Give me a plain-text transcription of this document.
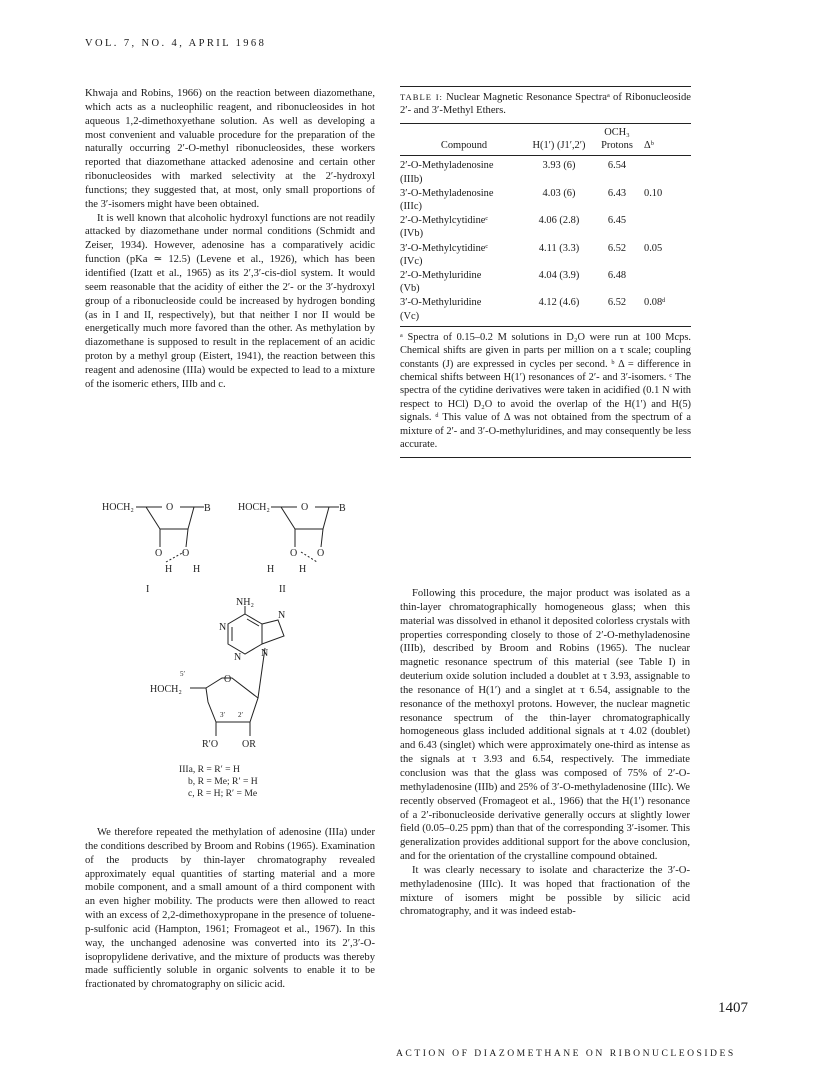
VOL. 7, NO. 4, APRIL 1968

Khwaja and Robins, 1966) on the reaction between diazomethane, which acts as a nucleophilic reagent, and ribonucleosides in hot aqueous 1,2-dimethoxyethane solution. As well as developing a most convenient and valuable procedure for the preparation of the naturally occurring 2′-O-methyl ribonucleosides, these workers reported that diazomethane attacked adenosine and certain other ribonucleosides with marked selectivity at the 2′-hydroxyl functions; they suggested that, at most, only small proportions of the 3′-isomers might have been obtained.

It is well known that alcoholic hydroxyl functions are not readily attacked by diazomethane under normal conditions (Schmidt and Zeiser, 1934). However, adenosine has a comparatively acidic function (pKa ≃ 12.5) (Levene et al., 1926), which has been identified (Izatt et al., 1965) as its 2′,3′-cis-diol system. It would seem reasonable that the acidity of either the 2′- or the 3′-hydroxyl group of a ribonucleoside could be increased by hydrogen bonding (as in I and II, respectively), but that neither I nor II would be energetically much more favored than the other. As methylation by diazomethane is supposed to result in the replacement of an acidic proton by a methyl group (Eistert, 1941), the reaction between this reagent and adenosine (IIIa) would be expected to lead to a mixture of the isomeric ethers, IIIb and c.

HOCH₂	O	B
O O
H H
I
HOCH₂	O	B
O O
H H
II
NH₂
N
N
N
N
5′
HOCH₂
O
3′ 2′
R′O OR
IIIa, R = R′ = H
b, R = Me; R′ = H
c, R = H; R′ = Me

We therefore repeated the methylation of adenosine (IIIa) under the conditions described by Broom and Robins (1965). Examination of the products by thin-layer chromatography revealed approximately equal quantities of starting material and a more mobile component, and a small amount of a third component with an even higher mobility. The products were then allowed to react with an excess of 2,2-dimethoxypropane in the presence of toluene-p-sulfonic acid (Hampton, 1961; Fromageot et al., 1967). In this way, the unchanged adenosine was converted into its 2′,3′-O-isopropylidene derivative, and the mixture of products was thereby made sufficiently soluble in organic solvents to enable it to be fractionated by chromatography on silicic acid.

TABLE I: Nuclear Magnetic Resonance Spectraᵃ of Ribonucleoside 2′- and 3′-Methyl Ethers.
Compound	H(1′) (J1′,2′)	OCH₃ Protons	Δᵇ

2′-O-Methyladenosine
(IIIb)	3.93 (6)	6.54	
3′-O-Methyladenosine
(IIIc)	4.03 (6)	6.43	0.10
2′-O-Methylcytidineᶜ
(IVb)	4.06 (2.8)	6.45	
3′-O-Methylcytidineᶜ
(IVc)	4.11 (3.3)	6.52	0.05
2′-O-Methyluridine
(Vb)	4.04 (3.9)	6.48	
3′-O-Methyluridine
(Vc)	4.12 (4.6)	6.52	0.08ᵈ
ᵃ Spectra of 0.15–0.2 M solutions in D₂O were run at 100 Mcps. Chemical shifts are given in parts per million on a τ scale; coupling constants (J) are expressed in cycles per second. ᵇ Δ = difference in chemical shifts between H(1′) resonances of 2′- and 3′-isomers. ᶜ The spectra of the cytidine derivatives were taken in acidified (0.1 N with respect to HCl) D₂O to avoid the overlap of the H(1′) and H(5) signals. ᵈ This value of Δ was not obtained from the spectrum of a mixture of 2′- and 3′-O-methyluridines, and may consequently be less accurate.

Following this procedure, the major product was isolated as a thin-layer chromatographically homogeneous glass; when this material was dissolved in ethanol it deposited colorless crystals with properties corresponding closely to those of 2′-O-methyladenosine (IIIb), described by Broom and Robins (1965). The nuclear magnetic resonance spectrum of this material (see Table I) in deuterium oxide solution included a doublet at τ 3.93, assignable to the resonance of H(1′) and a singlet at τ 6.54, assignable to the resonance of the methoxyl protons. However, the nuclear magnetic resonance spectrum of the thin-layer chromatographically homogeneous glass included additional signals at τ 4.02 (doublet) and 6.43 (singlet) which were approximately one-third as intense as the signals at τ 3.93 and 6.54, respectively. The immediate conclusion was that the glass was composed of 75% of 2′-O-methyladenosine (IIIb) and 25% of 3′-O-methyladenosine (IIIc). We recently observed (Fromageot et al., 1966) that the H(1′) resonance of a 2′-ribonucleoside derivative generally occurs at slightly lower field (0.05–0.25 ppm) than that of the corresponding 3′-isomer. This generalization provides additional support for the above conclusion, and for the orientation of the crystalline compound obtained.

It was clearly necessary to isolate and characterize the 3′-O-methyladenosine (IIIc). It was hoped that fractionation of the mixture of isomers might be possible by silicic acid chromatography, and it was indeed estab-

1407
ACTION OF DIAZOMETHANE ON RIBONUCLEOSIDES
